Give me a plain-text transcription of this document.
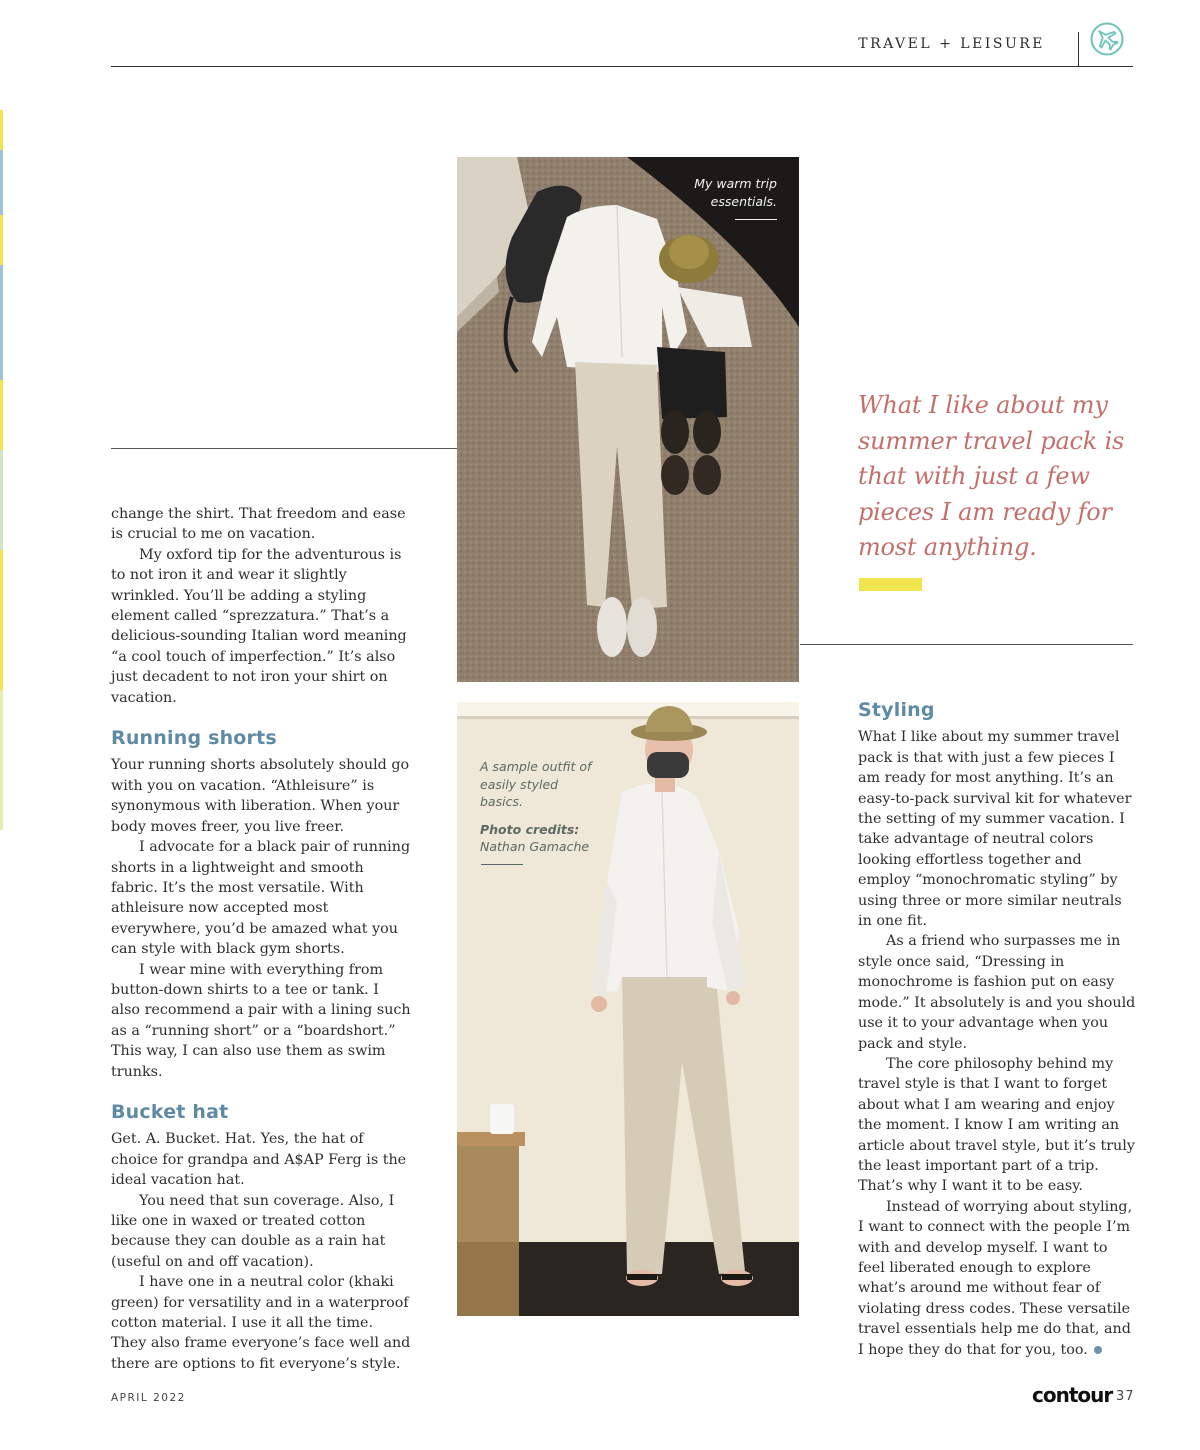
TRAVEL + LEISURE

change the shirt. That freedom and ease is crucial to me on vacation.

My oxford tip for the adventurous is to not iron it and wear it slightly wrinkled. You’ll be adding a styling element called “sprezzatura.” That’s a delicious-sounding Italian word meaning “a cool touch of imperfection.” It’s also just decadent to not iron your shirt on vacation.

Running shorts

Your running shorts absolutely should go with you on vacation. “Athleisure” is synonymous with liberation. When your body moves freer, you live freer.

I advocate for a black pair of running shorts in a lightweight and smooth fabric. It’s the most versatile. With athleisure now accepted most everywhere, you’d be amazed what you can style with black gym shorts.

I wear mine with everything from button-down shirts to a tee or tank. I also recommend a pair with a lining such as a “running short” or a “boardshort.” This way, I can also use them as swim trunks.

Bucket hat

Get. A. Bucket. Hat. Yes, the hat of choice for grandpa and A$AP Ferg is the ideal vacation hat.

You need that sun coverage. Also, I like one in waxed or treated cotton because they can double as a rain hat (useful on and off vacation).

I have one in a neutral color (khaki green) for versatility and in a waterproof cotton material. I use it all the time. They also frame everyone’s face well and there are options to fit everyone’s style.

My warm trip essentials.
What I like about my summer travel pack is that with just a few pieces I am ready for most anything.
A sample outfit of easily styled basics.
Photo credits:
Nathan Gamache
Styling

What I like about my summer travel pack is that with just a few pieces I am ready for most anything. It’s an easy-to-pack survival kit for whatever the setting of my summer vacation. I take advantage of neutral colors looking effortless together and employ “monochromatic styling” by using three or more similar neutrals in one fit.

As a friend who surpasses me in style once said, “Dressing in monochrome is fashion put on easy mode.” It absolutely is and you should use it to your advantage when you pack and style.

The core philosophy behind my travel style is that I want to forget about what I am wearing and enjoy the moment. I know I am writing an article about travel style, but it’s truly the least important part of a trip. That’s why I want it to be easy.

Instead of worrying about styling, I want to connect with the people I’m with and develop myself. I want to feel liberated enough to explore what’s around me without fear of violating dress codes. These versatile travel essentials help me do that, and I hope they do that for you, too.

APRIL 2022	contour 37
